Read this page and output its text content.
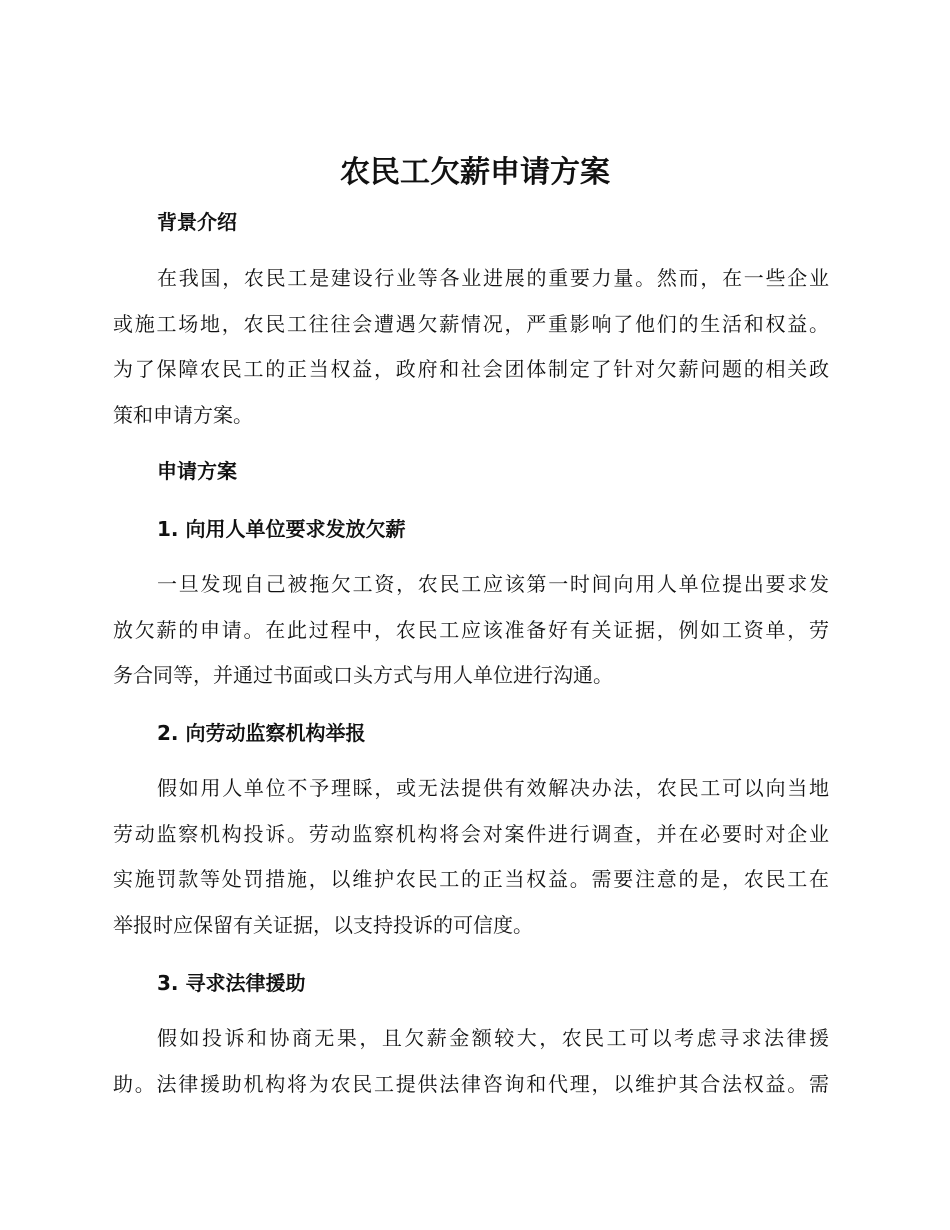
农民工欠薪申请方案
背景介绍
在我国，农民工是建设行业等各业进展的重要力量。然而，在一些企业
或施工场地，农民工往往会遭遇欠薪情况，严重影响了他们的生活和权益。
为了保障农民工的正当权益，政府和社会团体制定了针对欠薪问题的相关政
策和申请方案。
申请方案
1. 向用人单位要求发放欠薪
一旦发现自己被拖欠工资，农民工应该第一时间向用人单位提出要求发
放欠薪的申请。在此过程中，农民工应该准备好有关证据，例如工资单，劳
务合同等，并通过书面或口头方式与用人单位进行沟通。
2. 向劳动监察机构举报
假如用人单位不予理睬，或无法提供有效解决办法，农民工可以向当地
劳动监察机构投诉。劳动监察机构将会对案件进行调查，并在必要时对企业
实施罚款等处罚措施，以维护农民工的正当权益。需要注意的是，农民工在
举报时应保留有关证据，以支持投诉的可信度。
3. 寻求法律援助
假如投诉和协商无果，且欠薪金额较大，农民工可以考虑寻求法律援
助。法律援助机构将为农民工提供法律咨询和代理，以维护其合法权益。需
